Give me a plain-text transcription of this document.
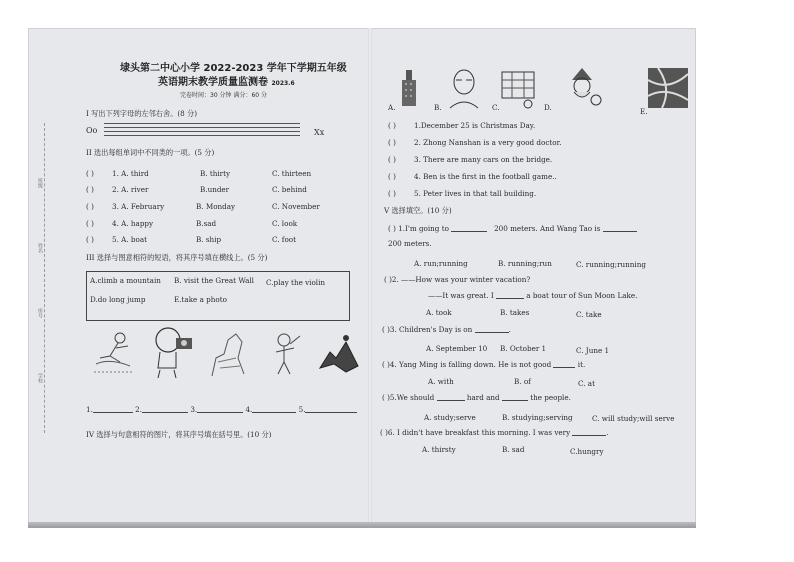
班级
姓名
座号
学校
埭头第二中心小学 2022-2023 学年下学期五年级
英语期末教学质量监测卷 2023.6
完卷时间：30 分钟 满分：60 分
I 写出下列字母的左邻右舍。(8 分)
Oo	Xx
II 选出每组单词中不同类的一项。(5 分)
( )	1. A. third	B. thirty	C. thirteen
( )	2. A. river	B.under	C. behind
( )	3. A. February	B. Monday	C. November
( )	4. A. happy	B.sad	C. look
( )	5. A. boat	B. ship	C. foot
III 选择与图意相符的短语，将其序号填在横线上。(5 分)
A.climb a mountain B. visit the Great Wall C.play the violin
D.do long jump	E.take a photo
1.	2.	3.	4.	5.
IV 选择与句意相符的图片，将其序号填在括号里。(10 分)
A.	B.	C.	D.	E.
( )	1.December 25 is Christmas Day.
( )	2. Zhong Nanshan is a very good doctor.
( )	3. There are many cars on the bridge.
( )	4. Ben is the first in the football game..
( )	5. Peter lives in that tall building.
V 选择填空。(10 分)
( ) 1.I'm going to	200 meters. And Wang Tao is
200 meters.
A. run;running	B. running;run	C. running;running
( )2. ——How was your winter vacation?
——It was great. I	a boat tour of Sun Moon Lake.
A. took	B. takes	C. take
( )3. Children's Day is on	.
A. September 10 B. October 1	C. June 1
( )4. Yang Ming is falling down. He is not good	it.
A. with	B. of	C. at
( )5.We should	hard and	the people.
A. study;serve	B. studying;serving	C. will study;will serve
( )6. I didn't have breakfast this morning. I was very	.
A. thirsty	B. sad	C.hungry
